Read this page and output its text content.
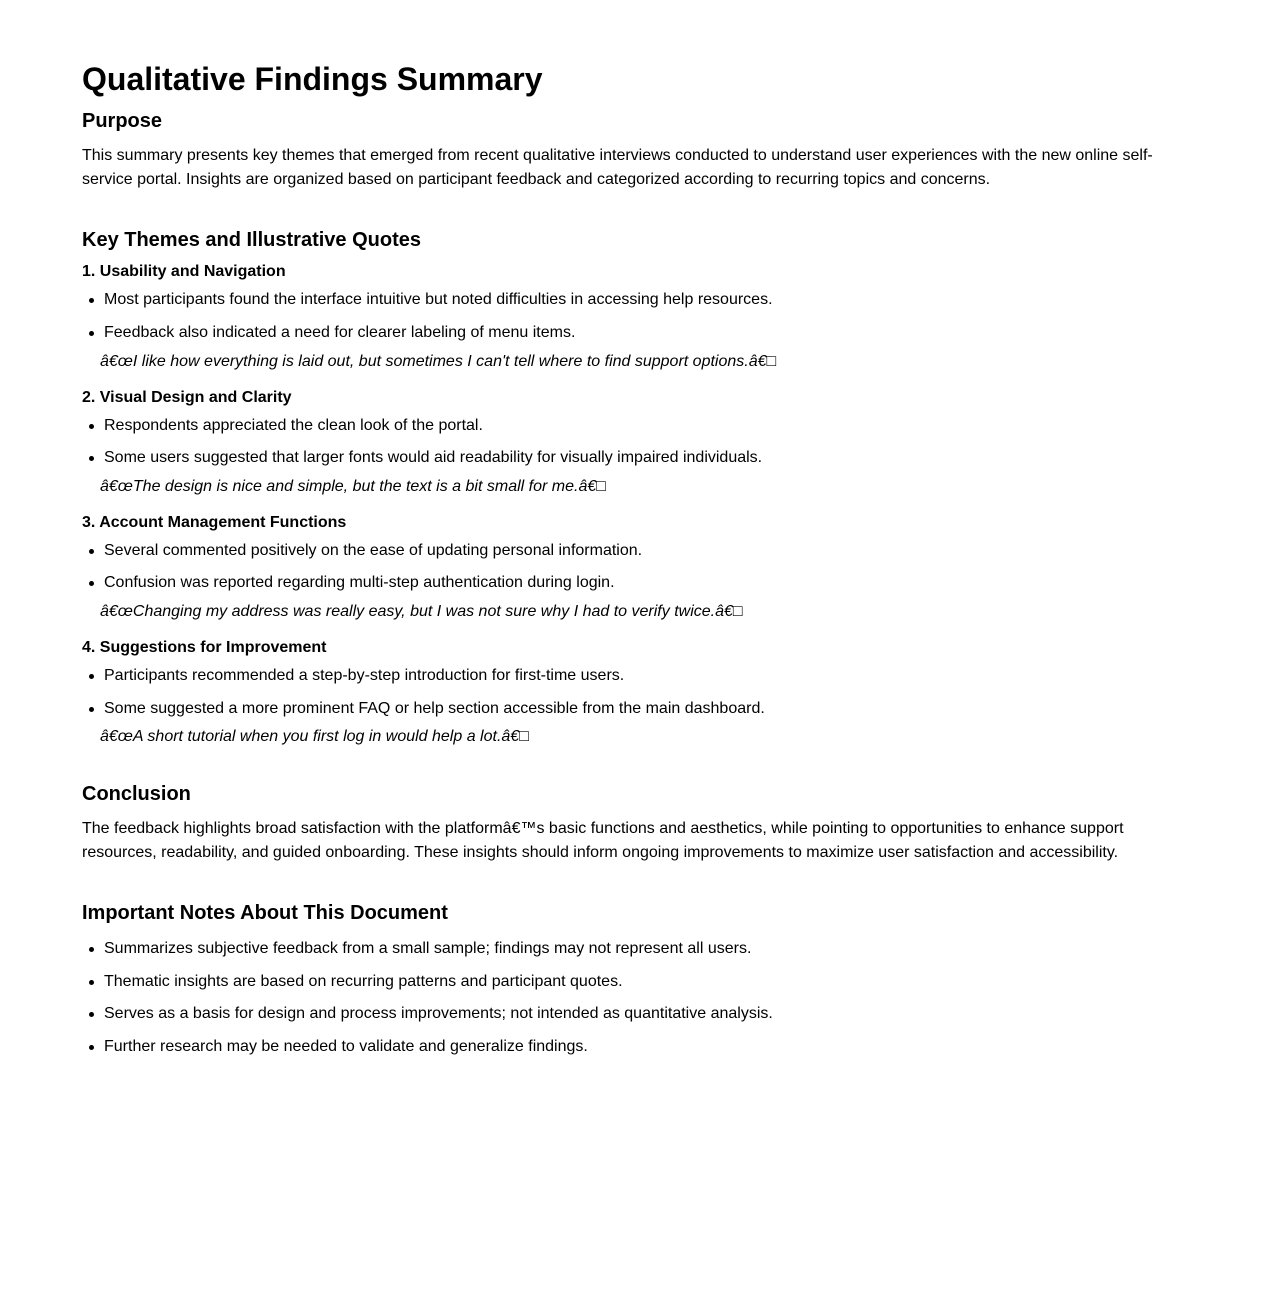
Qualitative Findings Summary
Purpose

This summary presents key themes that emerged from recent qualitative interviews conducted to understand user experiences with the new online self-service portal. Insights are organized based on participant feedback and categorized according to recurring topics and concerns.

Key Themes and Illustrative Quotes
1. Usability and Navigation
Most participants found the interface intuitive but noted difficulties in accessing help resources.
Feedback also indicated a need for clearer labeling of menu items.

â€œI like how everything is laid out, but sometimes I can't tell where to find support options.â€□

2. Visual Design and Clarity
Respondents appreciated the clean look of the portal.
Some users suggested that larger fonts would aid readability for visually impaired individuals.

â€œThe design is nice and simple, but the text is a bit small for me.â€□

3. Account Management Functions
Several commented positively on the ease of updating personal information.
Confusion was reported regarding multi-step authentication during login.

â€œChanging my address was really easy, but I was not sure why I had to verify twice.â€□

4. Suggestions for Improvement
Participants recommended a step-by-step introduction for first-time users.
Some suggested a more prominent FAQ or help section accessible from the main dashboard.

â€œA short tutorial when you first log in would help a lot.â€□

Conclusion

The feedback highlights broad satisfaction with the platformâ€™s basic functions and aesthetics, while pointing to opportunities to enhance support resources, readability, and guided onboarding. These insights should inform ongoing improvements to maximize user satisfaction and accessibility.

Important Notes About This Document
Summarizes subjective feedback from a small sample; findings may not represent all users.
Thematic insights are based on recurring patterns and participant quotes.
Serves as a basis for design and process improvements; not intended as quantitative analysis.
Further research may be needed to validate and generalize findings.
